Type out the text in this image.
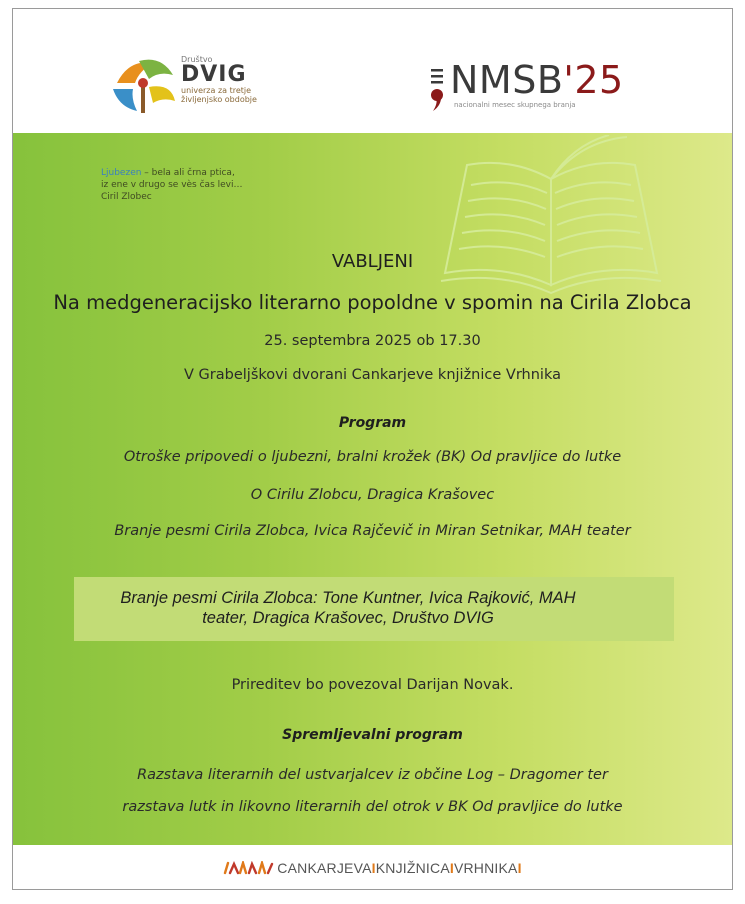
Društvo
DVIG
univerza za tretje
življenjsko obdobje	NMSB'25
nacionalni mesec skupnega branja
Ljubezen – bela ali črna ptica,
iz ene v drugo se vès čas levi…
Ciril Zlobec
VABLJENI
Na medgeneracijsko literarno popoldne v spomin na Cirila Zlobca
25. septembra 2025 ob 17.30
V Grabeljškovi dvorani Cankarjeve knjižnice Vrhnika
Program
Otroške pripovedi o ljubezni, bralni krožek (BK) Od pravljice do lutke
O Cirilu Zlobcu, Dragica Krašovec
Branje pesmi Cirila Zlobca, Ivica Rajčevič in Miran Setnikar, MAH teater
Branje pesmi Cirila Zlobca: Tone Kuntner, Ivica Rajković, MAH
teater, Dragica Krašovec, Društvo DVIG
Prireditev bo povezoval Darijan Novak.
Spremljevalni program
Razstava literarnih del ustvarjalcev iz občine Log – Dragomer ter
razstava lutk in likovno literarnih del otrok v BK Od pravljice do lutke
CANKARJEVAIKNJIŽNICAIVRHNIKAI
